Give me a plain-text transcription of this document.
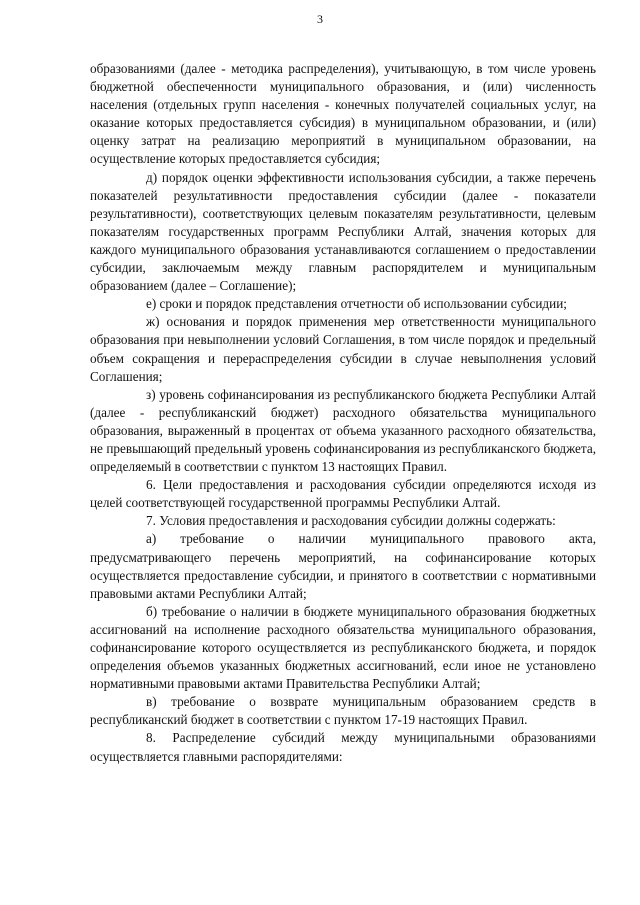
3

образованиями (далее - методика распределения), учитывающую, в том числе уровень бюджетной обеспеченности муниципального образования, и (или) численность населения (отдельных групп населения - конечных получателей социальных услуг, на оказание которых предоставляется субсидия) в муниципальном образовании, и (или) оценку затрат на реализацию мероприятий в муниципальном образовании, на осуществление которых предоставляется субсидия;

д) порядок оценки эффективности использования субсидии, а также перечень показателей результативности предоставления субсидии (далее - показатели результативности), соответствующих целевым показателям результативности, целевым показателям государственных программ Республики Алтай, значения которых для каждого муниципального образования устанавливаются соглашением о предоставлении субсидии, заключаемым между главным распорядителем и муниципальным образованием (далее – Соглашение);

е) сроки и порядок представления отчетности об использовании субсидии;

ж) основания и порядок применения мер ответственности муниципального образования при невыполнении условий Соглашения, в том числе порядок и предельный объем сокращения и перераспределения субсидии в случае невыполнения условий Соглашения;

з) уровень софинансирования из республиканского бюджета Республики Алтай (далее - республиканский бюджет) расходного обязательства муниципального образования, выраженный в процентах от объема указанного расходного обязательства, не превышающий предельный уровень софинансирования из республиканского бюджета, определяемый в соответствии с пунктом 13 настоящих Правил.

6. Цели предоставления и расходования субсидии определяются исходя из целей соответствующей государственной программы Республики Алтай.

7. Условия предоставления и расходования субсидии должны содержать:

а) требование о наличии муниципального правового акта, предусматривающего перечень мероприятий, на софинансирование которых осуществляется предоставление субсидии, и принятого в соответствии с нормативными правовыми актами Республики Алтай;

б) требование о наличии в бюджете муниципального образования бюджетных ассигнований на исполнение расходного обязательства муниципального образования, софинансирование которого осуществляется из республиканского бюджета, и порядок определения объемов указанных бюджетных ассигнований, если иное не установлено нормативными правовыми актами Правительства Республики Алтай;

в) требование о возврате муниципальным образованием средств в республиканский бюджет в соответствии с пунктом 17-19 настоящих Правил.

8. Распределение субсидий между муниципальными образованиями осуществляется главными распорядителями:
